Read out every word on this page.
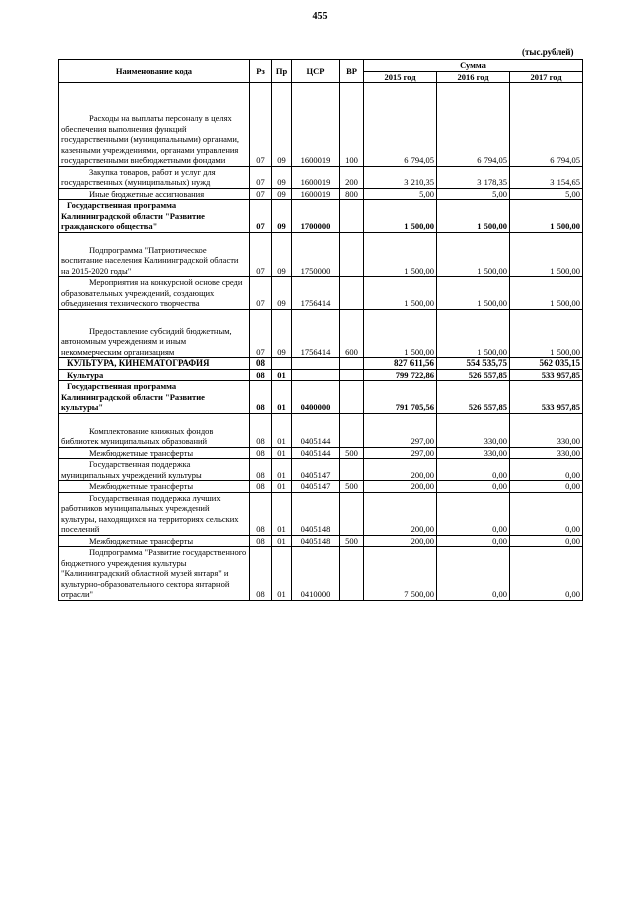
455
(тыс.рублей)
Наименование кода	Рз	Пр	ЦСР	ВР	Сумма		
					2015 год	2016 год	2017 год
Расходы на выплаты персоналу в целях обеспечения выполнения функций государственными (муниципальными) органами, казенными учреждениями, органами управления государственными внебюджетными фондами	07	09	1600019	100	6 794,05	6 794,05	6 794,05
Закупка товаров, работ и услуг для государственных (муниципальных) нужд	07	09	1600019	200	3 210,35	3 178,35	3 154,65
Иные бюджетные ассигнования	07	09	1600019	800	5,00	5,00	5,00
Государственная программа Калининградской области "Развитие гражданского общества"	07	09	1700000		1 500,00	1 500,00	1 500,00
Подпрограмма "Патриотическое воспитание населения Калининградской области на 2015-2020 годы"	07	09	1750000		1 500,00	1 500,00	1 500,00
Мероприятия на конкурсной основе среди образовательных учреждений, создающих объединения технического творчества	07	09	1756414		1 500,00	1 500,00	1 500,00
Предоставление субсидий бюджетным, автономным учреждениям и иным некоммерческим организациям	07	09	1756414	600	1 500,00	1 500,00	1 500,00
КУЛЬТУРА, КИНЕМАТОГРАФИЯ	08				827 611,56	554 535,75	562 035,15
Культура	08	01			799 722,86	526 557,85	533 957,85
Государственная программа Калининградской области "Развитие культуры"	08	01	0400000		791 705,56	526 557,85	533 957,85
Комплектование книжных фондов библиотек муниципальных образований	08	01	0405144		297,00	330,00	330,00
Межбюджетные трансферты	08	01	0405144	500	297,00	330,00	330,00
Государственная поддержка муниципальных учреждений культуры	08	01	0405147		200,00	0,00	0,00
Межбюджетные трансферты	08	01	0405147	500	200,00	0,00	0,00
Государственная поддержка лучших работников муниципальных учреждений культуры, находящихся на территориях сельских поселений	08	01	0405148		200,00	0,00	0,00
Межбюджетные трансферты	08	01	0405148	500	200,00	0,00	0,00
Подпрограмма "Развитие государственного бюджетного учреждения культуры "Калининградский областной музей янтаря" и культурно-образовательного сектора янтарной отрасли"	08	01	0410000		7 500,00	0,00	0,00
